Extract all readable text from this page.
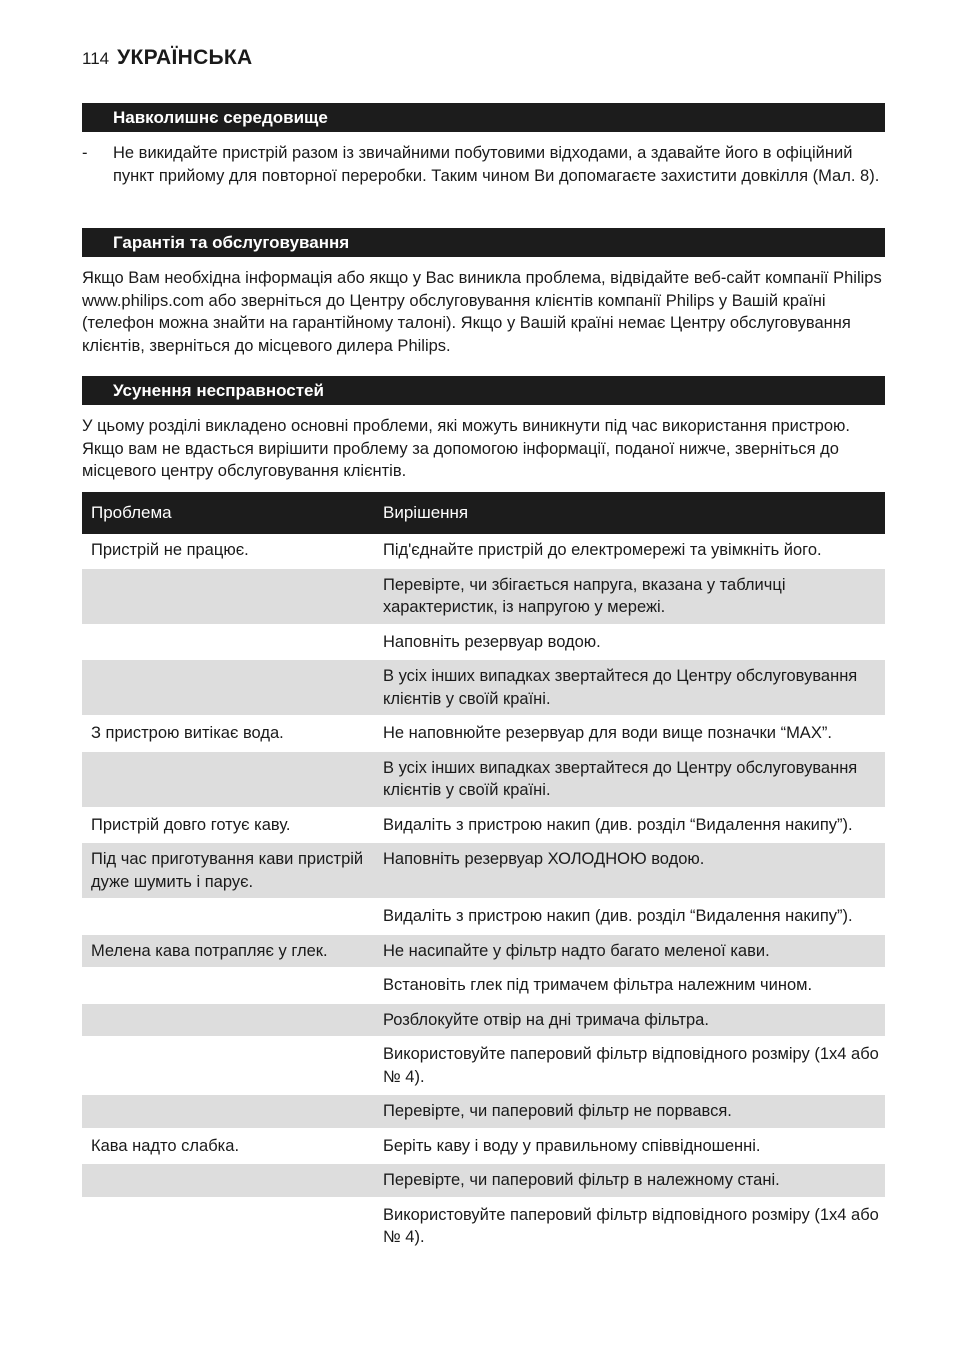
114 УКРАЇНСЬКА
Навколишнє середовище
-	Не викидайте пристрій разом із звичайними побутовими відходами, а здавайте його в офіційний пункт прийому для повторної переробки. Таким чином Ви допомагаєте захистити довкілля (Мал. 8).
Гарантія та обслуговування
Якщо Вам необхідна інформація або якщо у Вас виникла проблема, відвідайте веб-сайт компанії Philips www.philips.com або зверніться до Центру обслуговування клієнтів компанії Philips у Вашій країні (телефон можна знайти на гарантійному талоні). Якщо у Вашій країні немає Центру обслуговування клієнтів, зверніться до місцевого дилера Philips.
Усунення несправностей
У цьому розділі викладено основні проблеми, які можуть виникнути під час використання пристрою. Якщо вам не вдасться вирішити проблему за допомогою інформації, поданої нижче, зверніться до місцевого центру обслуговування клієнтів.
Проблема	Вирішення
Пристрій не працює.	Під'єднайте пристрій до електромережі та увімкніть його.
	Перевірте, чи збігається напруга, вказана у табличці характеристик, із напругою у мережі.
	Наповніть резервуар водою.
	В усіх інших випадках звертайтеся до Центру обслуговування клієнтів у своїй країні.
З пристрою витікає вода.	Не наповнюйте резервуар для води вище позначки “MAX”.
	В усіх інших випадках звертайтеся до Центру обслуговування клієнтів у своїй країні.
Пристрій довго готує каву.	Видаліть з пристрою накип (див. розділ “Видалення накипу”).
Під час приготування кави пристрій дуже шумить і парує.	Наповніть резервуар ХОЛОДНОЮ водою.
	Видаліть з пристрою накип (див. розділ “Видалення накипу”).
Мелена кава потрапляє у глек.	Не насипайте у фільтр надто багато меленої кави.
	Встановіть глек під тримачем фільтра належним чином.
	Розблокуйте отвір на дні тримача фільтра.
	Використовуйте паперовий фільтр відповідного розміру (1x4 або № 4).
	Перевірте, чи паперовий фільтр не порвався.
Кава надто слабка.	Беріть каву і воду у правильному співвідношенні.
	Перевірте, чи паперовий фільтр в належному стані.
	Використовуйте паперовий фільтр відповідного розміру (1x4 або № 4).
